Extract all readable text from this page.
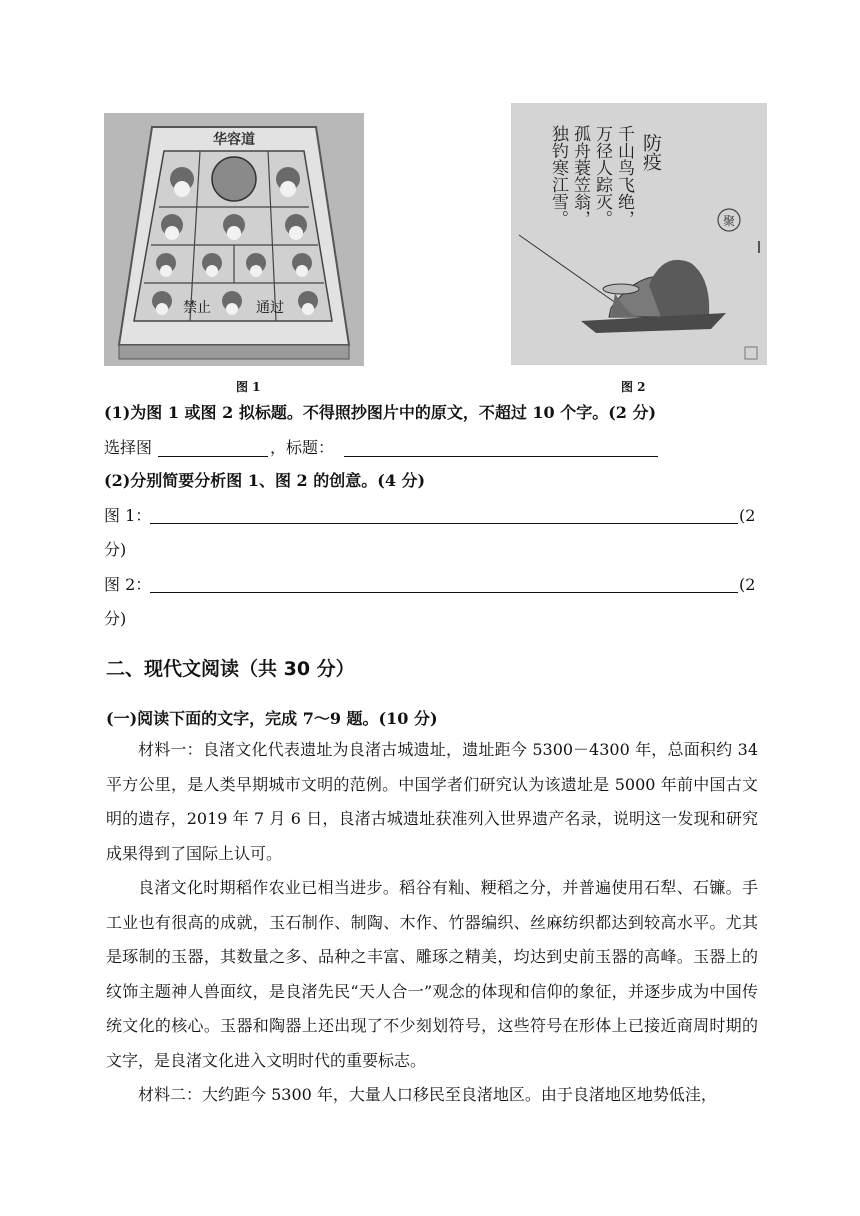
华容道
禁止	通过
图 1
防疫
千山鸟飞绝，
万径人踪灭。
孤舟蓑笠翁，
独钓寒江雪。	聚
图 2
(1)为图 1 或图 2 拟标题。不得照抄图片中的原文，不超过 10 个字。(2 分)
选择图	，标题：
(2)分别简要分析图 1、图 2 的创意。(4 分)
图 1：	(2
分)
图 2：	(2
分)
二、现代文阅读（共 30 分）
(一)阅读下面的文字，完成 7～9 题。(10 分)

材料一：良渚文化代表遗址为良渚古城遗址，遗址距今 5300－4300 年，总面积约 34 平方公里，是人类早期城市文明的范例。中国学者们研究认为该遗址是 5000 年前中国古文明的遗存，2019 年 7 月 6 日，良渚古城遗址获准列入世界遗产名录，说明这一发现和研究成果得到了国际上认可。

良渚文化时期稻作农业已相当进步。稻谷有籼、粳稻之分，并普遍使用石犁、石镰。手工业也有很高的成就，玉石制作、制陶、木作、竹器编织、丝麻纺织都达到较高水平。尤其是琢制的玉器，其数量之多、品种之丰富、雕琢之精美，均达到史前玉器的高峰。玉器上的纹饰主题神人兽面纹，是良渚先民“天人合一”观念的体现和信仰的象征，并逐步成为中国传统文化的核心。玉器和陶器上还出现了不少刻划符号，这些符号在形体上已接近商周时期的文字，是良渚文化进入文明时代的重要标志。

材料二：大约距今 5300 年，大量人口移民至良渚地区。由于良渚地区地势低洼，
